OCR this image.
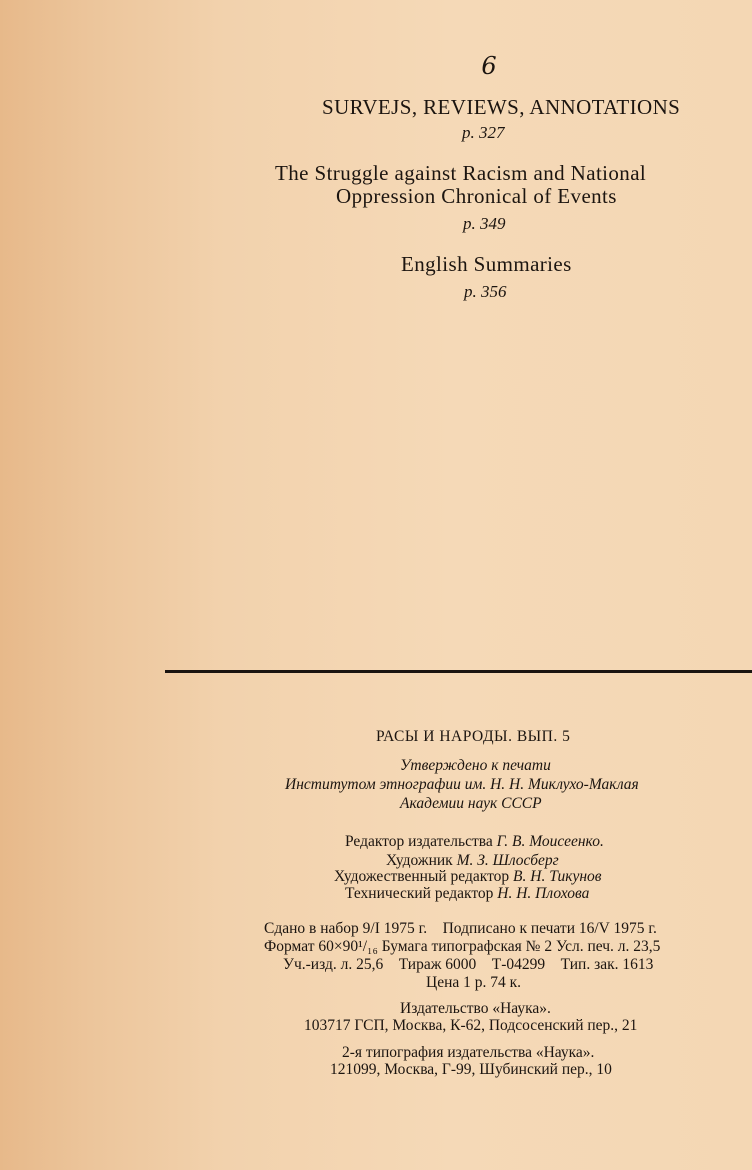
6
SURVEJS, REVIEWS, ANNOTATIONS
p. 327
The Struggle against Racism and National
Oppression Chronical of Events
p. 349
English Summaries
p. 356
РАСЫ И НАРОДЫ. ВЫП. 5
Утверждено к печати
Институтом этнографии им. Н. Н. Миклухо-Маклая
Академии наук СССР
Редактор издательства Г. В. Моисеенко.
Художник М. З. Шлосберг
Художественный редактор В. Н. Тикунов
Технический редактор Н. Н. Плохова
Сдано в набор 9/I 1975 г.    Подписано к печати 16/V 1975 г.
Формат 60×90¹/₁₆ Бумага типографская № 2 Усл. печ. л. 23,5
Уч.-изд. л. 25,6    Тираж 6000    Т-04299    Тип. зак. 1613
Цена 1 р. 74 к.
Издательство «Наука».
103717 ГСП, Москва, К-62, Подсосенский пер., 21
2-я типография издательства «Наука».
121099, Москва, Г-99, Шубинский пер., 10
